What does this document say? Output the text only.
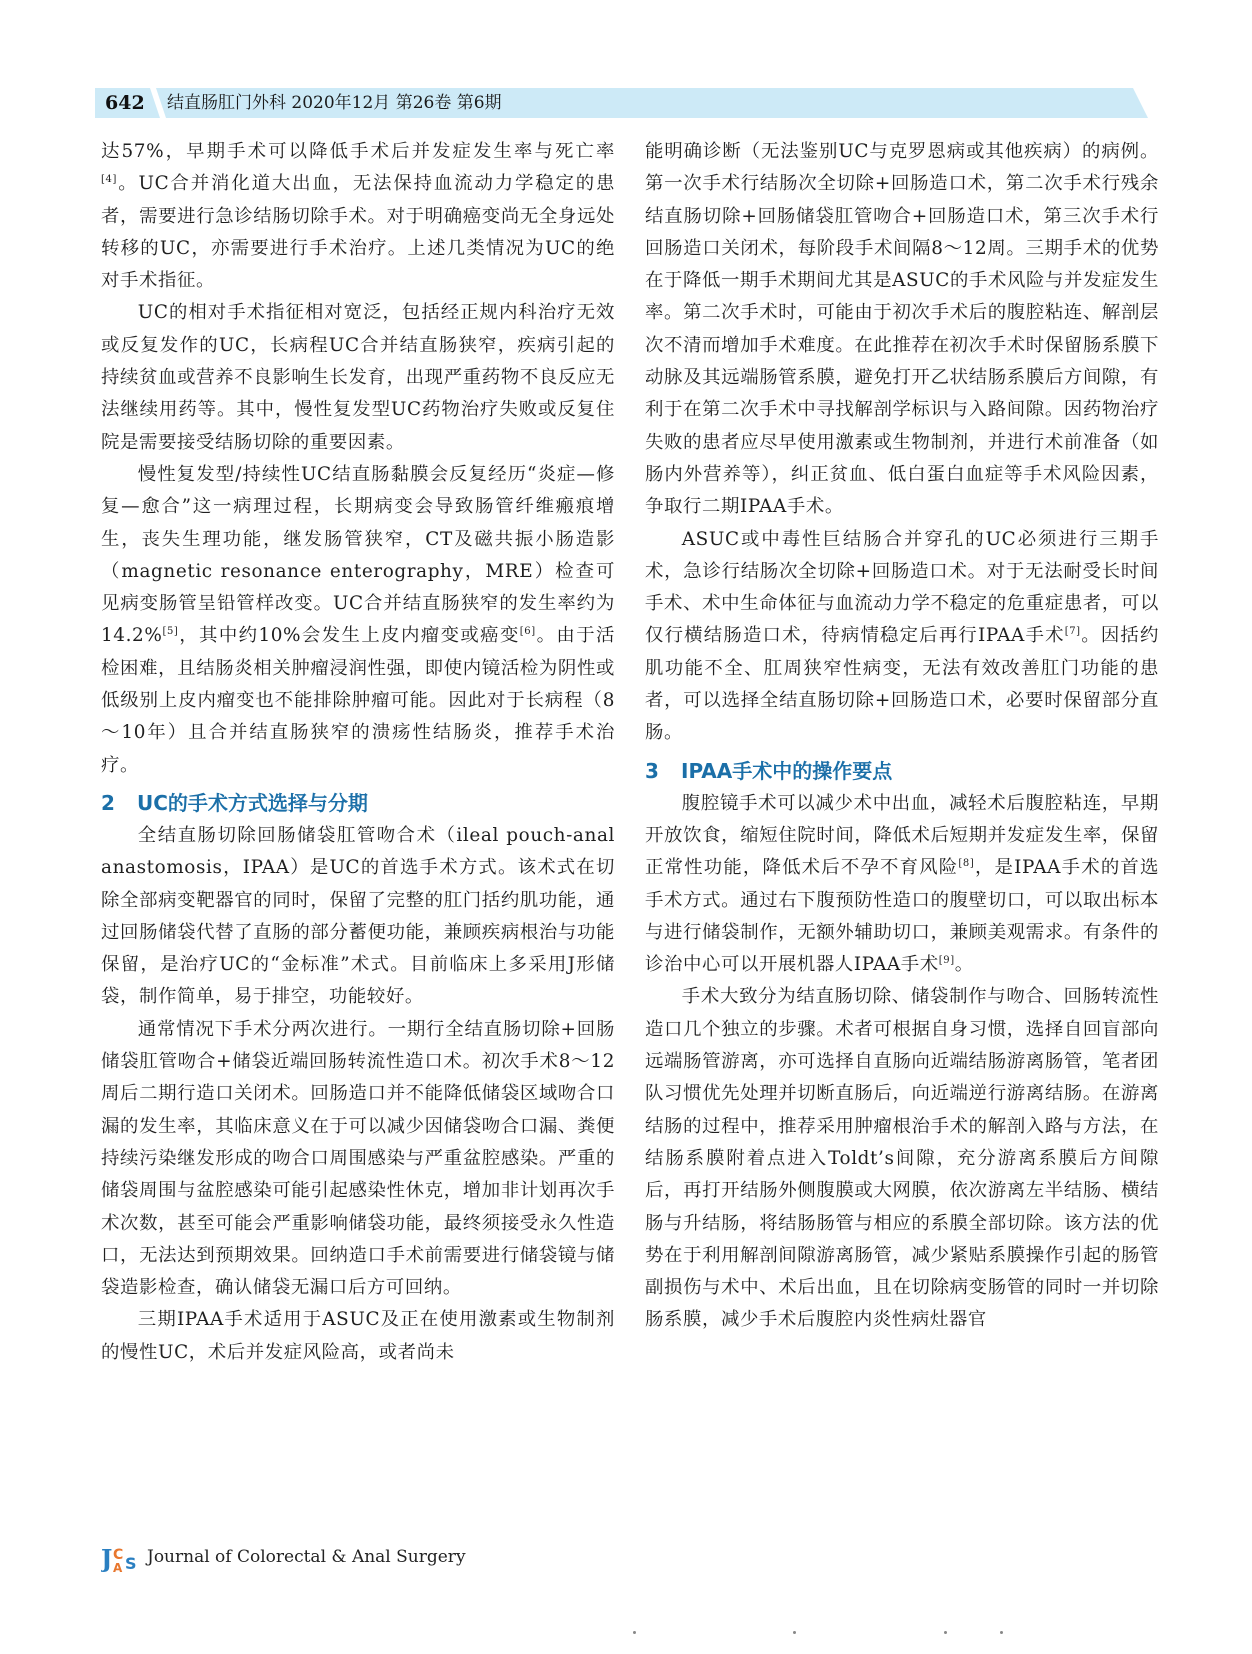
642 结直肠肛门外科 2020年12月 第26卷 第6期

达57%，早期手术可以降低手术后并发症发生率与死亡率[4]。UC合并消化道大出血，无法保持血流动力学稳定的患者，需要进行急诊结肠切除手术。对于明确癌变尚无全身远处转移的UC，亦需要进行手术治疗。上述几类情况为UC的绝对手术指征。

UC的相对手术指征相对宽泛，包括经正规内科治疗无效或反复发作的UC，长病程UC合并结直肠狭窄，疾病引起的持续贫血或营养不良影响生长发育，出现严重药物不良反应无法继续用药等。其中，慢性复发型UC药物治疗失败或反复住院是需要接受结肠切除的重要因素。

慢性复发型/持续性UC结直肠黏膜会反复经历“炎症—修复—愈合”这一病理过程，长期病变会导致肠管纤维瘢痕增生，丧失生理功能，继发肠管狭窄，CT及磁共振小肠造影（magnetic resonance enterography，MRE）检查可见病变肠管呈铅管样改变。UC合并结直肠狭窄的发生率约为14.2%[5]，其中约10%会发生上皮内瘤变或癌变[6]。由于活检困难，且结肠炎相关肿瘤浸润性强，即使内镜活检为阴性或低级别上皮内瘤变也不能排除肿瘤可能。因此对于长病程（8～10年）且合并结直肠狭窄的溃疡性结肠炎，推荐手术治疗。

2 UC的手术方式选择与分期

全结直肠切除回肠储袋肛管吻合术（ileal pouch-anal anastomosis，IPAA）是UC的首选手术方式。该术式在切除全部病变靶器官的同时，保留了完整的肛门括约肌功能，通过回肠储袋代替了直肠的部分蓄便功能，兼顾疾病根治与功能保留，是治疗UC的“金标准”术式。目前临床上多采用J形储袋，制作简单，易于排空，功能较好。

通常情况下手术分两次进行。一期行全结直肠切除+回肠储袋肛管吻合+储袋近端回肠转流性造口术。初次手术8～12周后二期行造口关闭术。回肠造口并不能降低储袋区域吻合口漏的发生率，其临床意义在于可以减少因储袋吻合口漏、粪便持续污染继发形成的吻合口周围感染与严重盆腔感染。严重的储袋周围与盆腔感染可能引起感染性休克，增加非计划再次手术次数，甚至可能会严重影响储袋功能，最终须接受永久性造口，无法达到预期效果。回纳造口手术前需要进行储袋镜与储袋造影检查，确认储袋无漏口后方可回纳。

三期IPAA手术适用于ASUC及正在使用激素或生物制剂的慢性UC，术后并发症风险高，或者尚未

能明确诊断（无法鉴别UC与克罗恩病或其他疾病）的病例。第一次手术行结肠次全切除+回肠造口术，第二次手术行残余结直肠切除+回肠储袋肛管吻合+回肠造口术，第三次手术行回肠造口关闭术，每阶段手术间隔8～12周。三期手术的优势在于降低一期手术期间尤其是ASUC的手术风险与并发症发生率。第二次手术时，可能由于初次手术后的腹腔粘连、解剖层次不清而增加手术难度。在此推荐在初次手术时保留肠系膜下动脉及其远端肠管系膜，避免打开乙状结肠系膜后方间隙，有利于在第二次手术中寻找解剖学标识与入路间隙。因药物治疗失败的患者应尽早使用激素或生物制剂，并进行术前准备（如肠内外营养等），纠正贫血、低白蛋白血症等手术风险因素，争取行二期IPAA手术。

ASUC或中毒性巨结肠合并穿孔的UC必须进行三期手术，急诊行结肠次全切除+回肠造口术。对于无法耐受长时间手术、术中生命体征与血流动力学不稳定的危重症患者，可以仅行横结肠造口术，待病情稳定后再行IPAA手术[7]。因括约肌功能不全、肛周狭窄性病变，无法有效改善肛门功能的患者，可以选择全结直肠切除+回肠造口术，必要时保留部分直肠。

3 IPAA手术中的操作要点

腹腔镜手术可以减少术中出血，减轻术后腹腔粘连，早期开放饮食，缩短住院时间，降低术后短期并发症发生率，保留正常性功能，降低术后不孕不育风险[8]，是IPAA手术的首选手术方式。通过右下腹预防性造口的腹壁切口，可以取出标本与进行储袋制作，无额外辅助切口，兼顾美观需求。有条件的诊治中心可以开展机器人IPAA手术[9]。

手术大致分为结直肠切除、储袋制作与吻合、回肠转流性造口几个独立的步骤。术者可根据自身习惯，选择自回盲部向远端肠管游离，亦可选择自直肠向近端结肠游离肠管，笔者团队习惯优先处理并切断直肠后，向近端逆行游离结肠。在游离结肠的过程中，推荐采用肿瘤根治手术的解剖入路与方法，在结肠系膜附着点进入Toldt’s间隙，充分游离系膜后方间隙后，再打开结肠外侧腹膜或大网膜，依次游离左半结肠、横结肠与升结肠，将结肠肠管与相应的系膜全部切除。该方法的优势在于利用解剖间隙游离肠管，减少紧贴系膜操作引起的肠管副损伤与术中、术后出血，且在切除病变肠管的同时一并切除肠系膜，减少手术后腹腔内炎性病灶器官

J C
A S Journal of Colorectal & Anal Surgery
